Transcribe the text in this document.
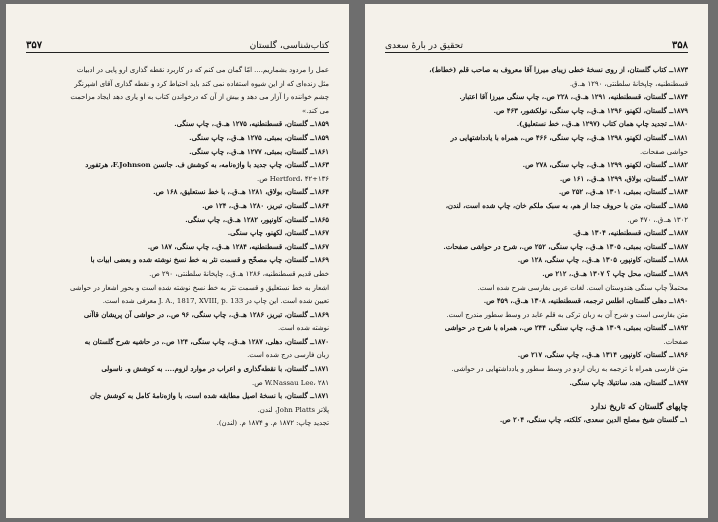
۳۵۷	کتاب‌شناسی، گلستان
عمل را مردود بشماریم.... امّا گمان می کنم که در کاربرد نقطه گذاری ارو پایی در ادبیات
مثل زنده‌ای که از این شیوه استفاده نمی کند باید احتیاط کرد و نقطه گذاری آقای اشپرنگر
چشم خواننده را آزار می دهد و بیش از آن که درخواندن کتاب به او یاری دهد ایجاد مزاحمت
می کند.»
۱۸۵۹ــ گلستان، قسطنطنیه، ۱۲۷۵ هـ.ق.، چاپ سنگی.
۱۸۵۹ــ گلستان، بمبئی، ۱۲۷۵ هـ.ق.، چاپ سنگی.
۱۸۶۱ــ گلستان، بمبئی، ۱۲۷۷ هـ.ق.، چاپ سنگی.
۱۸۶۳ــ گلستان، چاپ جدید با واژه‌نامه، به کوشش ف. جانسن F.Johnson، هرتفورد
Hertford، ۴۲+۱۳۶ ص.
۱۸۶۴ــ گلستان، بولاق، ۱۲۸۱ هـ.ق.، با خط نستعلیق، ۱۶۸ ص.
۱۸۶۴ــ گلستان، تبریز، ۱۲۸۰ هـ.ق.، ۱۲۴ ص.
۱۸۶۵ــ گلستان، کاونپور، ۱۲۸۲ هـ.ق.، چاپ سنگی.
۱۸۶۷ــ گلستان، لکهنو، چاپ سنگی.
۱۸۶۷ــ گلستان، قسطنطنیه، ۱۲۸۴ هـ.ق.، چاپ سنگی، ۱۸۷ ص.
۱۸۶۹ــ گلستان، چاپ مصحّح و قسمت نثر به خط نسخ نوشته شده و بعضی ابیات با
خطی قدیم قسطنطنیه، ۱۲۸۶ هـ.ق.، چاپخانهٔ سلطنتی، ۲۹۰ ص.
اشعار به خط نستعلیق و قسمت نثر به خط نسخ نوشته شده است و بحور اشعار در حواشی
تعیین شده است. این چاپ در J. A., 1817, XVIII, p. 133 معرفی شده است.
۱۸۶۹ــ گلستان، تبریز، ۱۲۸۶ هـ.ق.، چاپ سنگی، ۹۶ ص.، در حواشی آن پریشان قاآنی
نوشته شده است.
۱۸۷۰ــ گلستان، دهلی، ۱۲۸۷ هـ.ق.، چاپ سنگی، ۱۲۴ ص.، در حاشیه شرح گلستان به
زبان فارسی درج شده است.
۱۸۷۱ــ گلستان، با نقطه‌گذاری و اعراب در موارد لزوم.... به کوشش و. ناسولی
W.Nassau Lee، ۲۸۱ ص.
۱۸۷۱ــ گلستان، با نسخهٔ اصیل مطابقه شده است، با واژه‌نامهٔ کامل به کوشش جان
پلاتز John Platts، لندن.
تجدید چاپ: ۱۸۷۲ م. و ۱۸۷۴ م. (لندن).
۳۵۸
تحقیق در بارهٔ سعدی
۱۸۷۳ــ کتاب گلستان، از روی نسخهٔ خطی زیبای میرزا آقا معروف به صاحب قلم (خطاط)،
قسطنطنیه، چاپخانهٔ سلطنتی، ۱۲۹۰ هـ.ق.
۱۸۷۴ــ گلستان، قسطنطنیه، ۱۲۹۱ هـ.ق.، ۲۲۸ ص.، چاپ سنگی میرزا آقا اعتبار.
۱۸۷۹ــ گلستان، لکهنو، ۱۲۹۶ هـ.ق.، چاپ سنگی، نولکشور، ۴۶۳ ص.
۱۸۸۰ــ تجدید چاپ همان کتاب (۱۲۹۷ هـ.ق.، خط نستعلیق).
۱۸۸۱ــ گلستان، لکهنو، ۱۲۹۸ هـ.ق.، چاپ سنگی، ۴۶۶ ص.، همراه با یادداشتهایی در
حواشی صفحات.
۱۸۸۲ــ گلستان، لکهنو، ۱۲۹۹ هـ.ق.، چاپ سنگی، ۲۷۸ ص.
۱۸۸۲ــ گلستان، بولاق، ۱۲۹۹ هـ.ق.، ۱۶۱ ص.
۱۸۸۴ــ گلستان، بمبئی، ۱۳۰۱ هـ.ق.، ۲۵۲ ص.
۱۸۸۵ــ گلستان، متن با حروف جدا از هم، به سبک ملکم خان، چاپ شده است، لندن،
۱۳۰۲ هـ.ق.، ۴۷۰ ص.
۱۸۸۷ــ گلستان، قسطنطنیه، ۱۳۰۴ هـ.ق.
۱۸۸۷ــ گلستان، بمبئی، ۱۳۰۵ هـ.ق.، چاپ سنگی، ۲۵۲ ص.، شرح در حواشی صفحات.
۱۸۸۸ــ گلستان، کاونپور، ۱۳۰۵ هـ.ق.، چاپ سنگی، ۱۲۸ ص.
۱۸۸۹ــ گلستان، محل چاپ ؟ ۱۳۰۷ هـ.ق.، ۲۱۲ ص.
محتملاً چاپ سنگی هندوستان است. لغات عربی بفارسی شرح شده است.
۱۸۹۰ــ دهلی گلستان، اطلس ترجمه، قسطنطنیه، ۱۳۰۸ هـ.ق.، ۴۵۹ ص.
متن بفارسی است و شرح آن به زبان ترکی به قلم عابد در وسط سطور مندرج است.
۱۸۹۲ــ گلستان، بمبئی، ۱۳۰۹ هـ.ق.، چاپ سنگی، ۲۴۴ ص.، همراه با شرح در حواشی
صفحات.
۱۸۹۶ــ گلستان، کاونپور، ۱۳۱۴ هـ.ق.، چاپ سنگی، ۲۱۷ ص.
متن فارسی همراه با ترجمه به زبان اردو در وسط سطور و یادداشتهایی در حواشی.
۱۸۹۷ــ گلستان، هند، سانتیلا، چاپ سنگی.
چاپهای گلستان که تاریخ ندارد
۱ــ گلستان شیخ مصلح الدین سعدی، کلکته، چاپ سنگی، ۲۰۴ ص.
